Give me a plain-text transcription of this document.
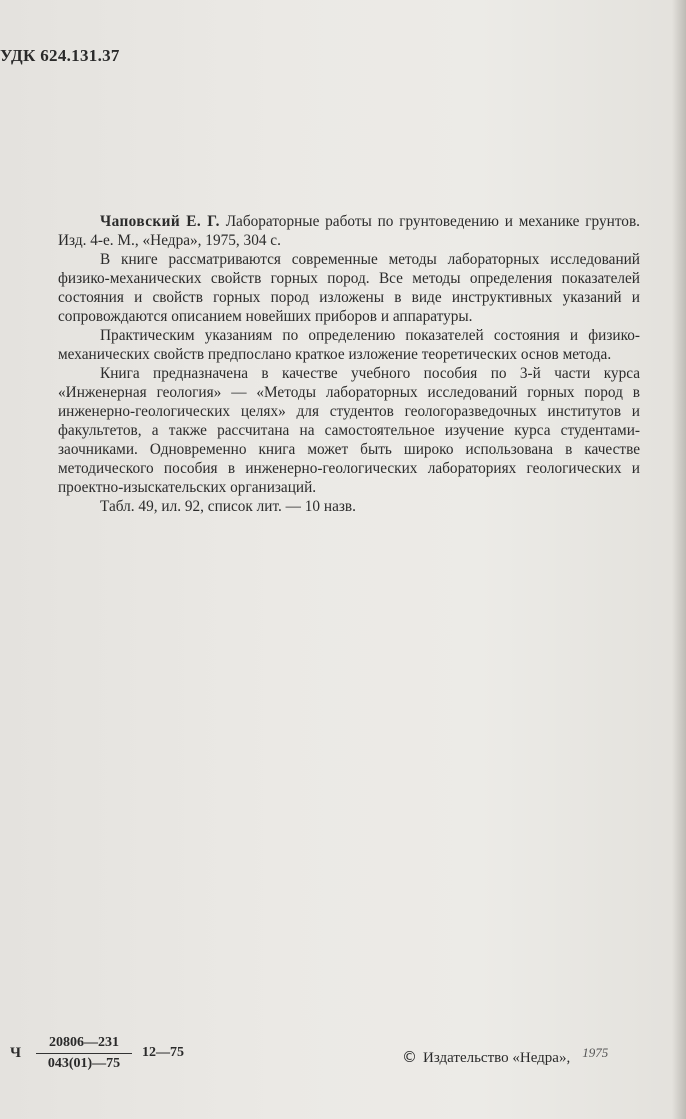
УДК 624.131.37

Чаповский Е. Г. Лабораторные работы по грунтоведению и механике грунтов. Изд. 4-е. М., «Недра», 1975, 304 с.

В книге рассматриваются современные методы лабораторных исследований физико-механических свойств горных пород. Все методы определения показателей состояния и свойств горных пород изложены в виде инструктивных указаний и сопровождаются описанием новейших приборов и аппаратуры.

Практическим указаниям по определению показателей состояния и физико-механических свойств предпослано краткое изложение теоретических основ метода.

Книга предназначена в качестве учебного пособия по 3-й части курса «Инженерная геология» — «Методы лабораторных исследований горных пород в инженерно-геологических целях» для студентов геологоразведочных институтов и факультетов, а также рассчитана на самостоятельное изучение курса студентами-заочниками. Одновременно книга может быть широко использована в качестве методического пособия в инженерно-геологических лабораториях геологических и проектно-изыскательских организаций.

Табл. 49, ил. 92, список лит. — 10 назв.

Ч
20806—231
043(01)—75
12—75	© Издательство «Недра», 1975
